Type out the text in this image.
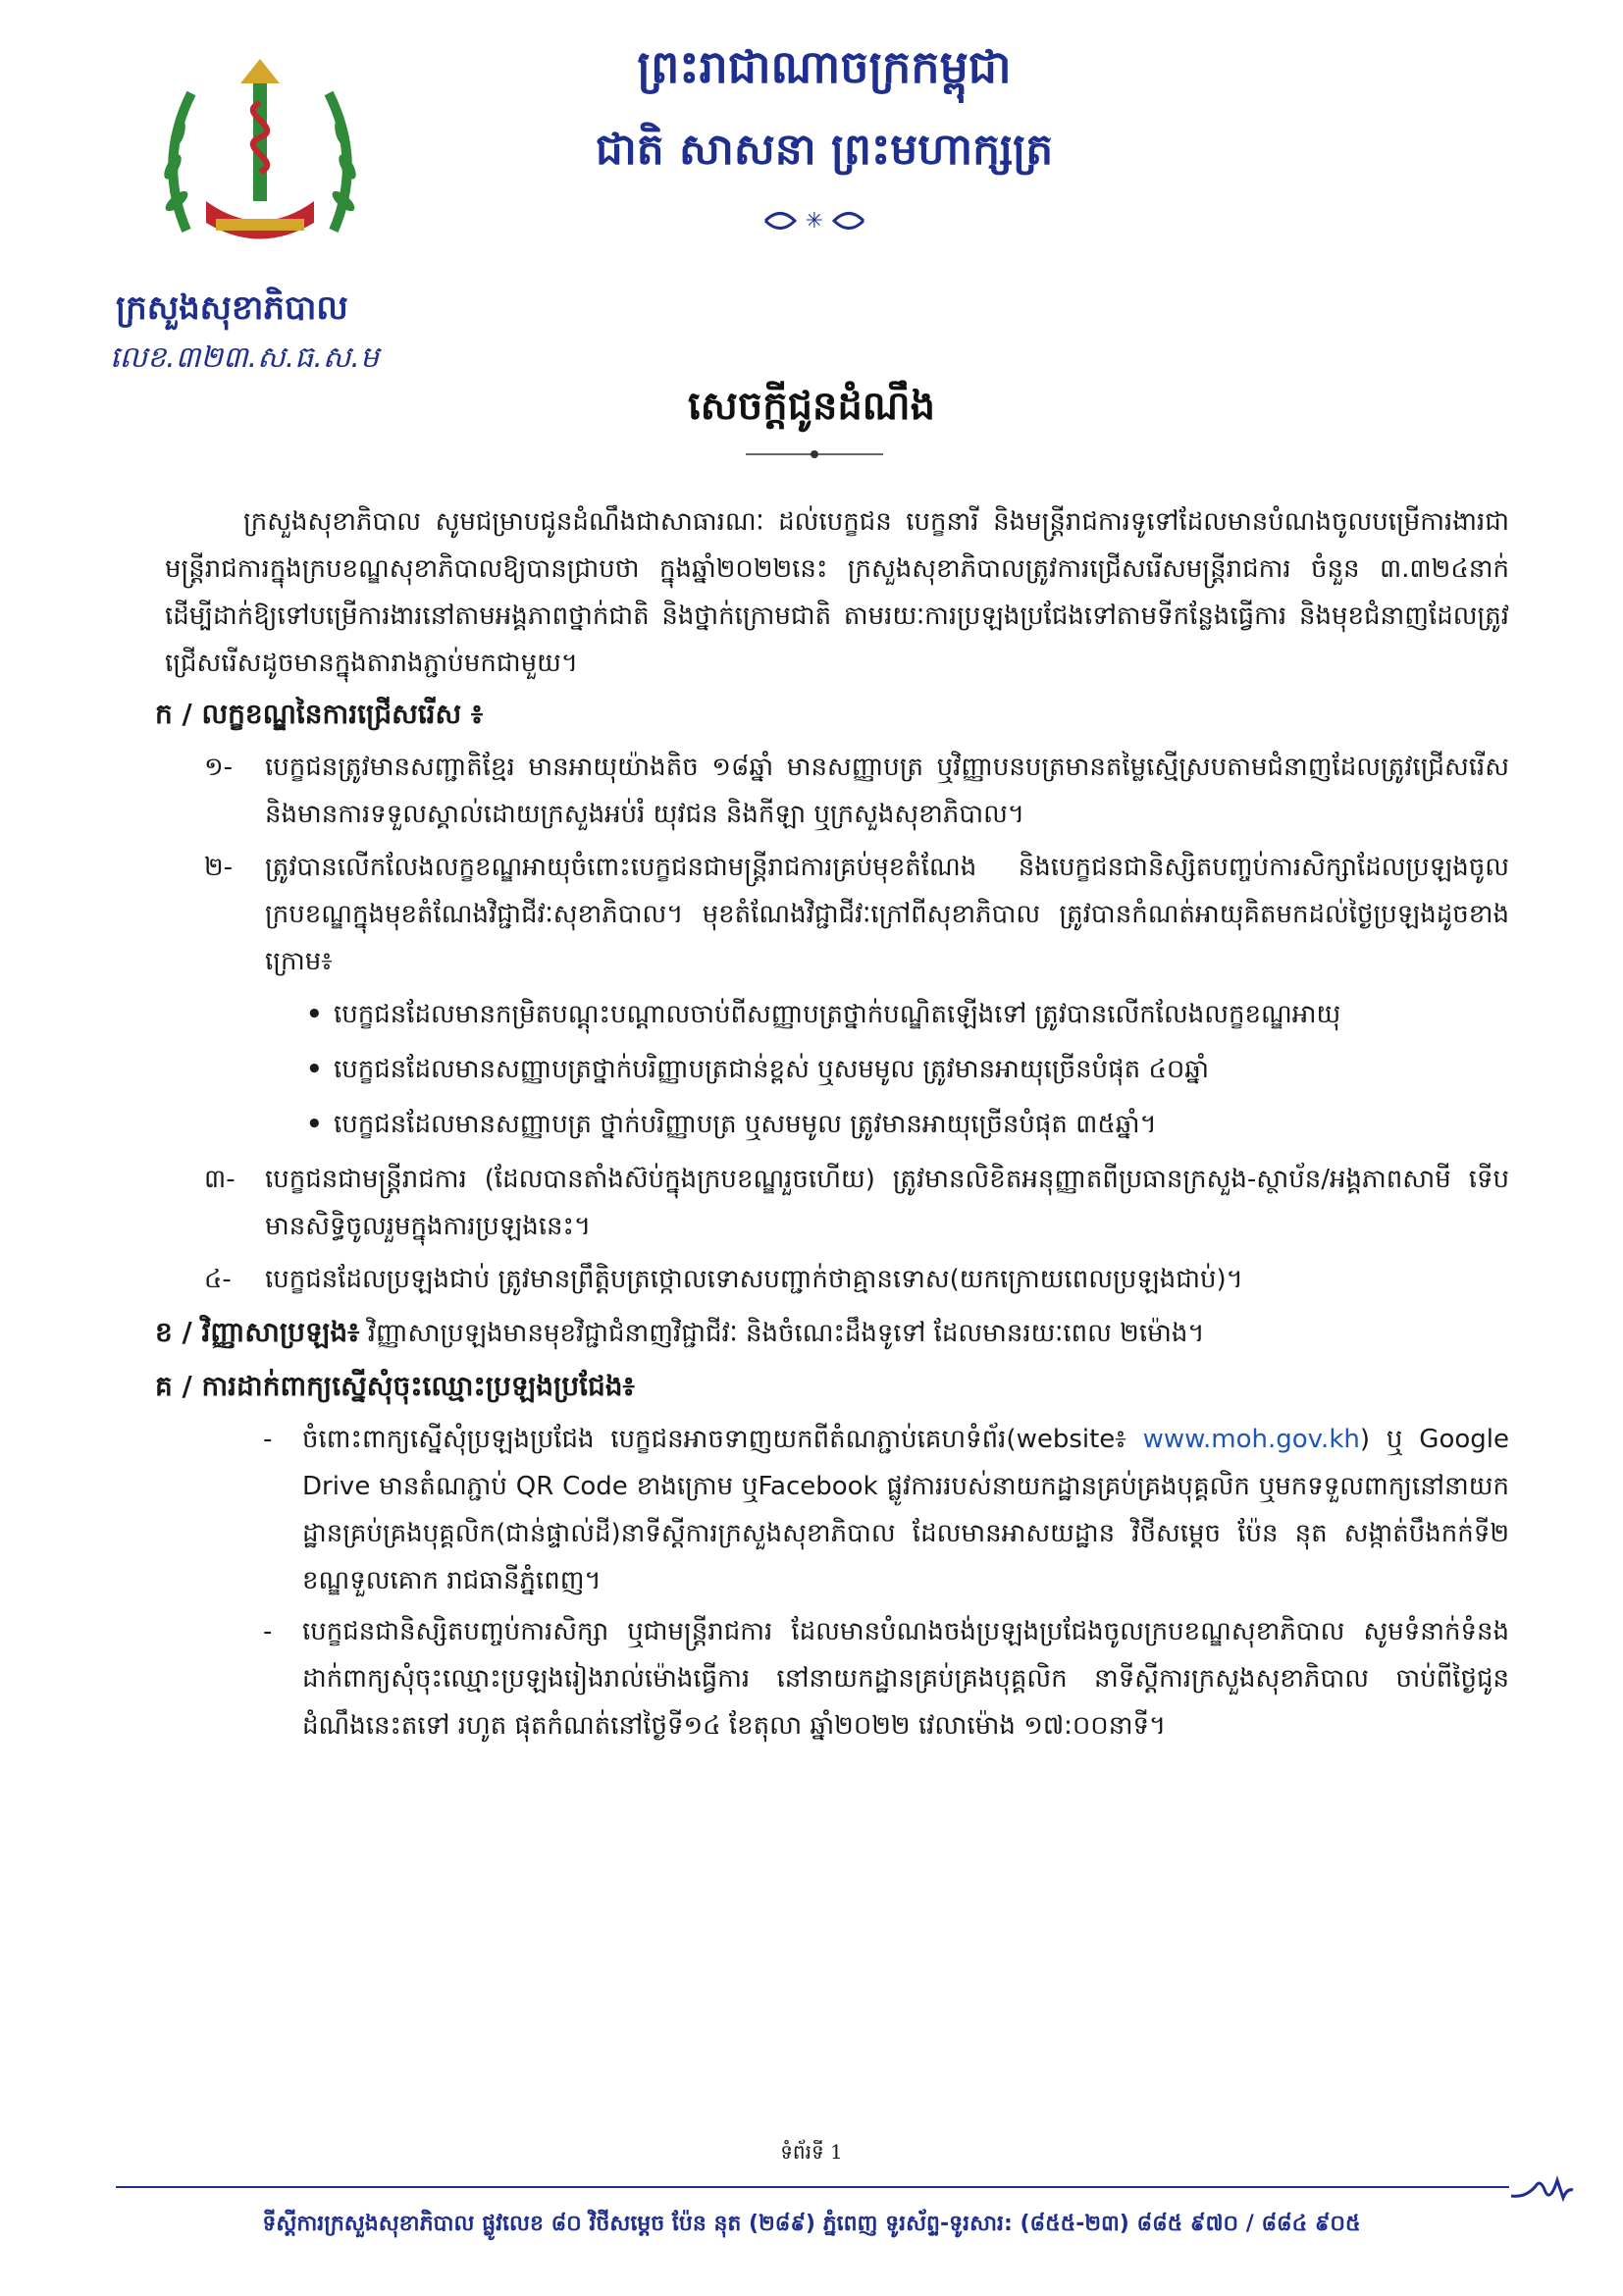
ក្រសួងសុខាភិបាល
លេខ.៣២៣.ស.ធ.ស.ម
ព្រះរាជាណាចក្រកម្ពុជា
ជាតិ សាសនា ព្រះមហាក្សត្រ
✳
សេចក្តីជូនដំណឹង

ក្រសួងសុខាភិបាល សូមជម្រាបជូនដំណឹងជាសាធារណៈ ដល់បេក្ខជន បេក្ខនារី និងមន្ត្រីរាជការទូទៅដែលមានបំណងចូលបម្រើការងារជាមន្ត្រីរាជការក្នុងក្របខណ្ឌសុខាភិបាលឱ្យបានជ្រាបថា ក្នុងឆ្នាំ២០២២នេះ ក្រសួងសុខាភិបាលត្រូវការជ្រើសរើសមន្ត្រីរាជការ ចំនួន ៣.៣២៤នាក់ ដើម្បីដាក់ឱ្យទៅបម្រើការងារនៅតាមអង្គភាពថ្នាក់ជាតិ និងថ្នាក់ក្រោមជាតិ តាមរយៈការប្រឡងប្រជែងទៅតាមទីកន្លែងធ្វើការ និងមុខជំនាញដែលត្រូវជ្រើសរើសដូចមានក្នុងតារាងភ្ជាប់មកជាមួយ។

ក / លក្ខខណ្ឌនៃការជ្រើសរើស ៖
១-	បេក្ខជនត្រូវមានសញ្ជាតិខ្មែរ មានអាយុយ៉ាងតិច ១៨ឆ្នាំ មានសញ្ញាបត្រ ឬវិញ្ញាបនបត្រមានតម្លៃស្មើស្របតាមជំនាញដែលត្រូវជ្រើសរើស និងមានការទទួលស្គាល់ដោយក្រសួងអប់រំ យុវជន និងកីឡា ឬក្រសួងសុខាភិបាល។
២-	ត្រូវបានលើកលែងលក្ខខណ្ឌអាយុចំពោះបេក្ខជនជាមន្ត្រីរាជការគ្រប់មុខតំណែង និងបេក្ខជនជានិស្សិតបញ្ចប់ការសិក្សាដែលប្រឡងចូលក្របខណ្ឌក្នុងមុខតំណែងវិជ្ជាជីវៈសុខាភិបាល។ មុខតំណែងវិជ្ជាជីវៈក្រៅពីសុខាភិបាល ត្រូវបានកំណត់អាយុគិតមកដល់ថ្ងៃប្រឡងដូចខាងក្រោម៖
• បេក្ខជនដែលមានកម្រិតបណ្តុះបណ្តាលចាប់ពីសញ្ញាបត្រថ្នាក់បណ្ឌិតឡើងទៅ ត្រូវបានលើកលែងលក្ខខណ្ឌអាយុ
• បេក្ខជនដែលមានសញ្ញាបត្រថ្នាក់បរិញ្ញាបត្រជាន់ខ្ពស់ ឬសមមូល ត្រូវមានអាយុច្រើនបំផុត ៤០ឆ្នាំ
• បេក្ខជនដែលមានសញ្ញាបត្រ ថ្នាក់បរិញ្ញាបត្រ ឬសមមូល ត្រូវមានអាយុច្រើនបំផុត ៣៥ឆ្នាំ។
៣-	បេក្ខជនជាមន្ត្រីរាជការ (ដែលបានតាំងស៊ប់ក្នុងក្របខណ្ឌរួចហើយ) ត្រូវមានលិខិតអនុញ្ញាតពីប្រធានក្រសួង-ស្ថាប័ន/អង្គភាពសាមី ទើបមានសិទ្ធិចូលរួមក្នុងការប្រឡងនេះ។
៤-	បេក្ខជនដែលប្រឡងជាប់ ត្រូវមានព្រឹត្តិបត្រថ្កោលទោសបញ្ជាក់ថាគ្មានទោស(យកក្រោយពេលប្រឡងជាប់)។
ខ / វិញ្ញាសាប្រឡង៖ វិញ្ញាសាប្រឡងមានមុខវិជ្ជាជំនាញវិជ្ជាជីវៈ និងចំណេះដឹងទូទៅ ដែលមានរយៈពេល ២ម៉ោង។
គ / ការដាក់ពាក្យស្នើសុំចុះឈ្មោះប្រឡងប្រជែង៖
-	ចំពោះពាក្យស្នើសុំប្រឡងប្រជែង បេក្ខជនអាចទាញយកពីតំណភ្ជាប់គេហទំព័រ(website៖ www.moh.gov.kh) ឬ Google Drive មានតំណភ្ជាប់ QR Code ខាងក្រោម ឬFacebook ផ្លូវការរបស់នាយកដ្ឋានគ្រប់គ្រងបុគ្គលិក ឬមកទទួលពាក្យនៅនាយកដ្ឋានគ្រប់គ្រងបុគ្គលិក(ជាន់ផ្ទាល់ដី)នាទីស្តីការក្រសួងសុខាភិបាល ដែលមានអាសយដ្ឋាន វិថីសម្តេច ប៉ែន នុត សង្កាត់បឹងកក់ទី២ ខណ្ឌទួលគោក រាជធានីភ្នំពេញ។
-	បេក្ខជនជានិស្សិតបញ្ចប់ការសិក្សា ឬជាមន្ត្រីរាជការ ដែលមានបំណងចង់ប្រឡងប្រជែងចូលក្របខណ្ឌសុខាភិបាល សូមទំនាក់ទំនងដាក់ពាក្យសុំចុះឈ្មោះប្រឡងរៀងរាល់ម៉ោងធ្វើការ នៅនាយកដ្ឋានគ្រប់គ្រងបុគ្គលិក នាទីស្តីការក្រសួងសុខាភិបាល ចាប់ពីថ្ងៃជូនដំណឹងនេះតទៅ រហូត ផុតកំណត់នៅថ្ងៃទី១៤ ខែតុលា ឆ្នាំ២០២២ វេលាម៉ោង ១៧:០០នាទី។
ទំព័រទី 1
ទីស្តីការក្រសួងសុខាភិបាល ផ្លូវលេខ ៨០ វិថីសម្តេច ប៉ែន នុត (២៨៩) ភ្នំពេញ ទូរស័ព្ទ-ទូរសារ: (៨៥៥-២៣) ៨៨៥ ៩៧០ / ៨៨៤ ៩០៥
